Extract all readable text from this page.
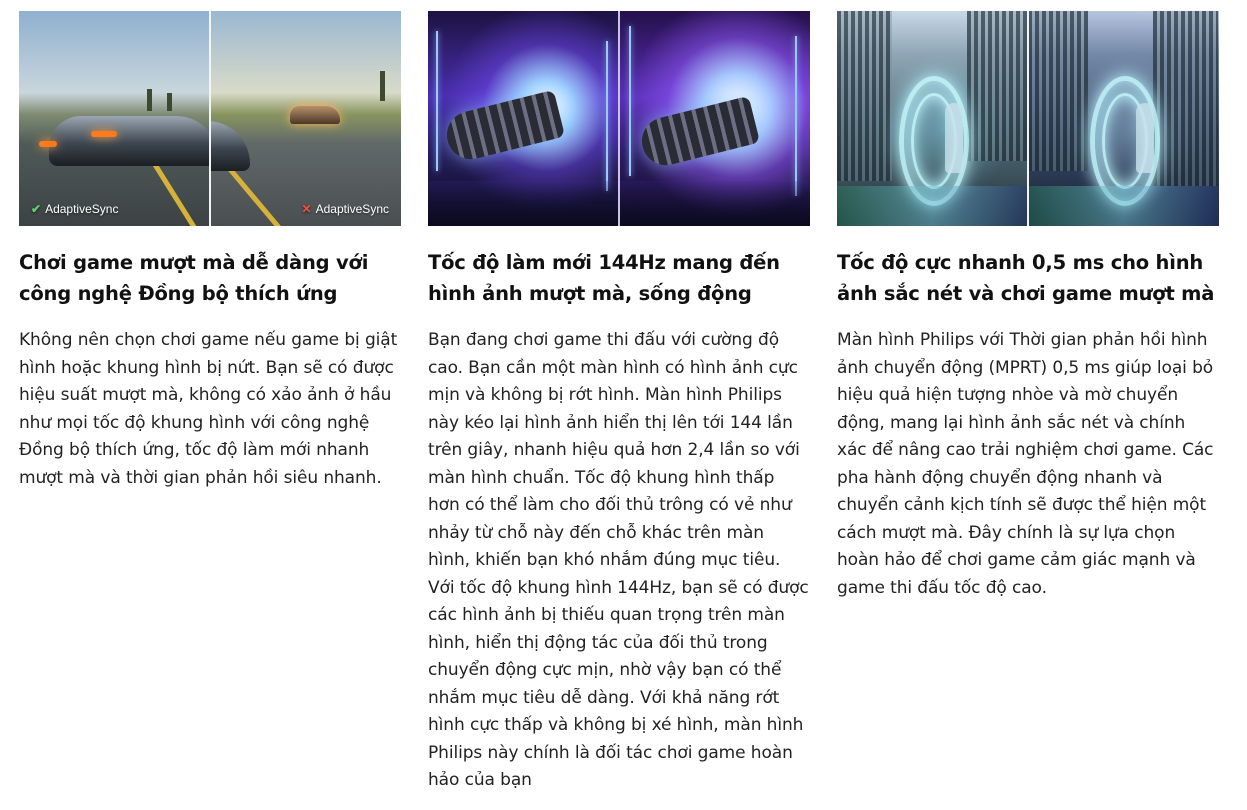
✔ AdaptiveSync	✕ AdaptiveSync
Chơi game mượt mà dễ dàng với công nghệ Đồng bộ thích ứng
Không nên chọn chơi game nếu game bị giật hình hoặc khung hình bị nứt. Bạn sẽ có được hiệu suất mượt mà, không có xảo ảnh ở hầu như mọi tốc độ khung hình với công nghệ Đồng bộ thích ứng, tốc độ làm mới nhanh mượt mà và thời gian phản hồi siêu nhanh.
Tốc độ làm mới 144Hz mang đến hình ảnh mượt mà, sống động
Bạn đang chơi game thi đấu với cường độ cao. Bạn cần một màn hình có hình ảnh cực mịn và không bị rớt hình. Màn hình Philips này kéo lại hình ảnh hiển thị lên tới 144 lần trên giây, nhanh hiệu quả hơn 2,4 lần so với màn hình chuẩn. Tốc độ khung hình thấp hơn có thể làm cho đối thủ trông có vẻ như nhảy từ chỗ này đến chỗ khác trên màn hình, khiến bạn khó nhắm đúng mục tiêu. Với tốc độ khung hình 144Hz, bạn sẽ có được các hình ảnh bị thiếu quan trọng trên màn hình, hiển thị động tác của đối thủ trong chuyển động cực mịn, nhờ vậy bạn có thể nhắm mục tiêu dễ dàng. Với khả năng rớt hình cực thấp và không bị xé hình, màn hình Philips này chính là đối tác chơi game hoàn hảo của bạn
Tốc độ cực nhanh 0,5 ms cho hình ảnh sắc nét và chơi game mượt mà
Màn hình Philips với Thời gian phản hồi hình ảnh chuyển động (MPRT) 0,5 ms giúp loại bỏ hiệu quả hiện tượng nhòe và mờ chuyển động, mang lại hình ảnh sắc nét và chính xác để nâng cao trải nghiệm chơi game. Các pha hành động chuyển động nhanh và chuyển cảnh kịch tính sẽ được thể hiện một cách mượt mà. Đây chính là sự lựa chọn hoàn hảo để chơi game cảm giác mạnh và game thi đấu tốc độ cao.
